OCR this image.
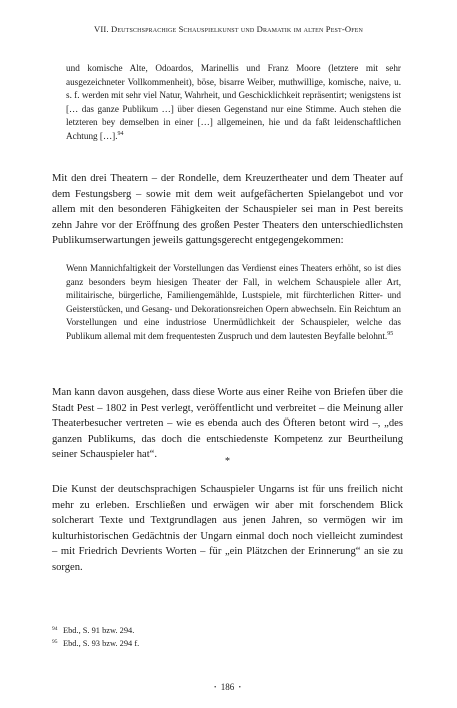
VII. Deutschsprachige Schauspielkunst und Dramatik im alten Pest-Ofen
und komische Alte, Odoardos, Marinellis und Franz Moore (letztere mit sehr ausgezeichneter Vollkommenheit), böse, bisarre Weiber, muthwillige, komische, naive, u. s. f. werden mit sehr viel Natur, Wahrheit, und Geschicklichkeit repräsentirt; wenigstens ist [… das ganze Publikum …] über diesen Gegenstand nur eine Stimme. Auch stehen die letzteren bey demselben in einer […] allgemeinen, hie und da faßt leidenschaftlichen Achtung […].$^{94}$
Mit den drei Theatern – der Rondelle, dem Kreuzertheater und dem Theater auf dem Festungsberg – sowie mit dem weit aufgefächerten Spielangebot und vor allem mit den besonderen Fähigkeiten der Schauspieler sei man in Pest bereits zehn Jahre vor der Eröffnung des großen Pester Theaters den unterschiedlichsten Publikumserwartungen jeweils gattungsgerecht entgegengekommen:
Wenn Mannichfaltigkeit der Vorstellungen das Verdienst eines Theaters erhöht, so ist dies ganz besonders beym hiesigen Theater der Fall, in welchem Schauspiele aller Art, militairische, bürgerliche, Familiengemählde, Lustspiele, mit fürchterlichen Ritter- und Geisterstücken, und Gesang- und Dekorationsreichen Opern abwechseln. Ein Reichtum an Vorstellungen und eine industriose Unermüdlichkeit der Schauspieler, welche das Publikum allemal mit dem frequentesten Zuspruch und dem lautesten Beyfalle belohnt.$^{95}$
Man kann davon ausgehen, dass diese Worte aus einer Reihe von Briefen über die Stadt Pest – 1802 in Pest verlegt, veröffentlicht und verbreitet – die Meinung aller Theaterbesucher vertreten – wie es ebenda auch des Öfteren betont wird –, „des ganzen Publikums, das doch die entschiedenste Kompetenz zur Beurtheilung seiner Schauspieler hat“.
*
Die Kunst der deutschsprachigen Schauspieler Ungarns ist für uns freilich nicht mehr zu erleben. Erschließen und erwägen wir aber mit forschendem Blick solcherart Texte und Textgrundlagen aus jenen Jahren, so vermögen wir im kulturhistorischen Gedächtnis der Ungarn einmal doch noch vielleicht zumindest – mit Friedrich Devrients Worten – für „ein Plätzchen der Erinnerung“ an sie zu sorgen.
94 Ebd., S. 91 bzw. 294.
95 Ebd., S. 93 bzw. 294 f.
• 186 •
